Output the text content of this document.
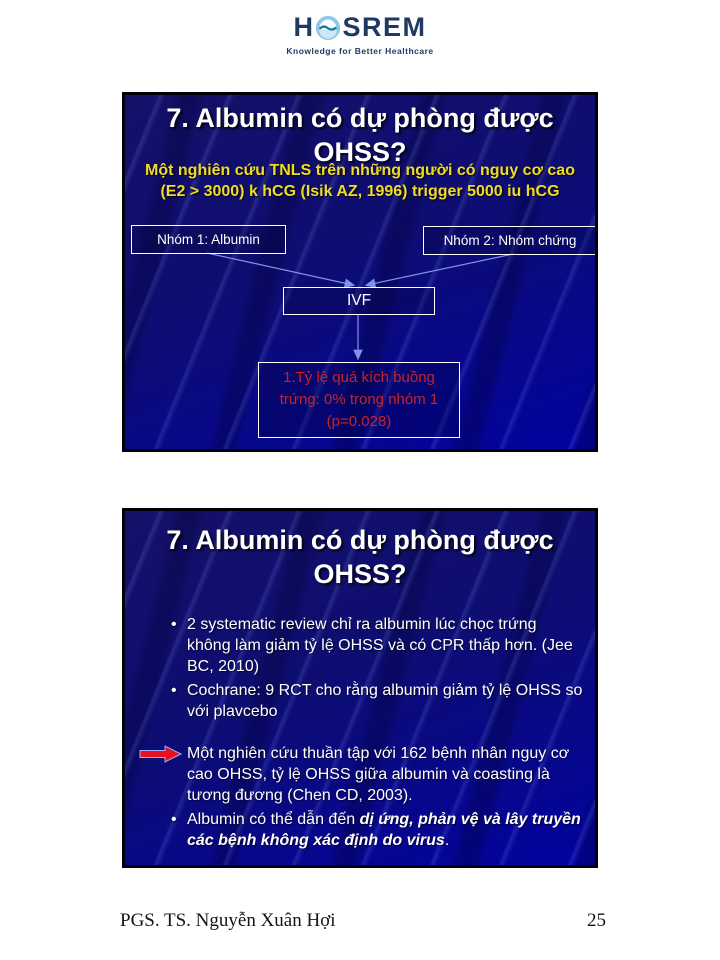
H SREM
Knowledge for Better Healthcare
7. Albumin có dự phòng được
OHSS?
Một nghiên cứu TNLS trên những người có nguy cơ cao
(E2 > 3000) k hCG (Isik AZ, 1996) trigger 5000 iu hCG
Nhóm 1: Albumin	Nhóm 2: Nhóm chứng
IVF
1.Tỷ lệ quá kích buồng
trứng: 0% trong nhóm 1
(p=0.028)
7. Albumin có dự phòng được
OHSS?
• 2 systematic review chỉ ra albumin lúc chọc trứng không làm giảm tỷ lệ OHSS và có CPR thấp hơn. (Jee BC, 2010)
• Cochrane: 9 RCT cho rằng albumin giảm tỷ lệ OHSS so với plavcebo
Một nghiên cứu thuần tập với 162 bệnh nhân nguy cơ cao OHSS, tỷ lệ OHSS giữa albumin và coasting là tương đương (Chen CD, 2003).
• Albumin có thể dẫn đến dị ứng, phản vệ và lây truyền các bệnh không xác định do virus.
PGS. TS. Nguyễn Xuân Hợi	25
